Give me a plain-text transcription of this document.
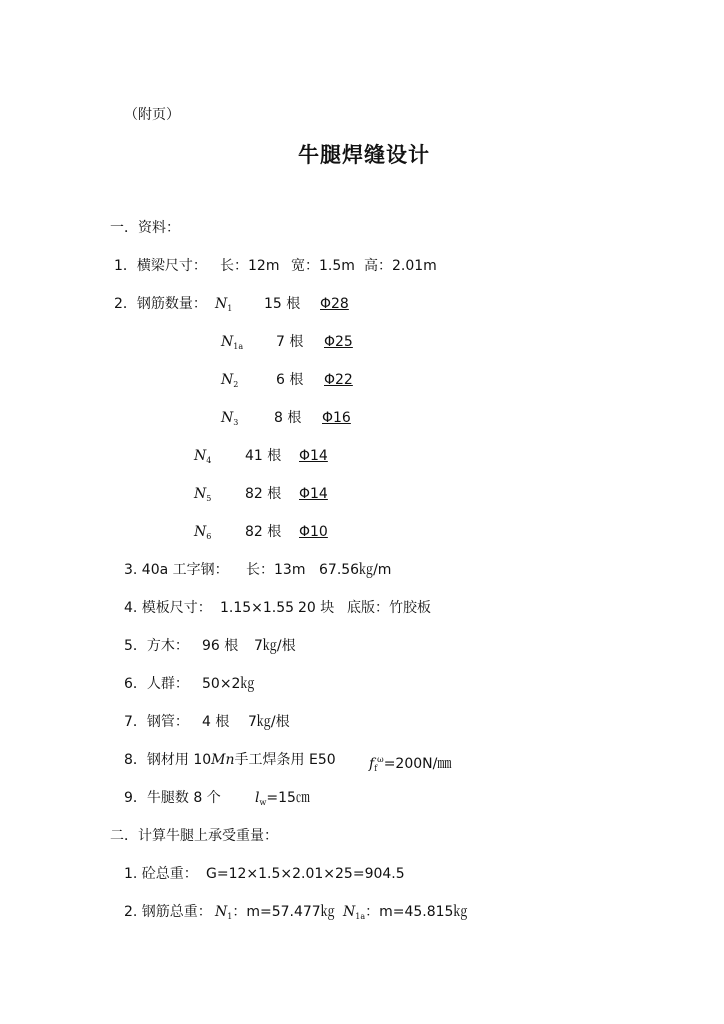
（附页）
牛腿焊缝设计
一．资料：
1．横梁尺寸： 长：12m 宽：1.5m 高：2.01m
2．钢筋数量： $N_1$ 15 根 Φ28
$N_{1a}$ 7 根 Φ25
$N_2$	6 根 Φ22
$N_3$	8 根 Φ16
$N_4$ 41 根 Φ14
$N_5$ 82 根 Φ14
$N_6$ 82 根 Φ10
3. 40a 工字钢： 长：13m 67.56㎏/m
4. 模板尺寸： 1.15×1.55 20 块 底版：竹胶板
5．方木： 96 根 7㎏/根
6．人群： 50×2㎏
7．钢管： 4 根 7㎏/根
8．钢材用 10Mn手工焊条用 E50 $f_f^\omega=200N/㎜$
9．牛腿数 8 个 $l_w=15㎝$
二．计算牛腿上承受重量：
1. 砼总重： G=12×1.5×2.01×25=904.5
2. 钢筋总重： $N_1$：m=57.477㎏ $N_{1a}$：m=45.815㎏
